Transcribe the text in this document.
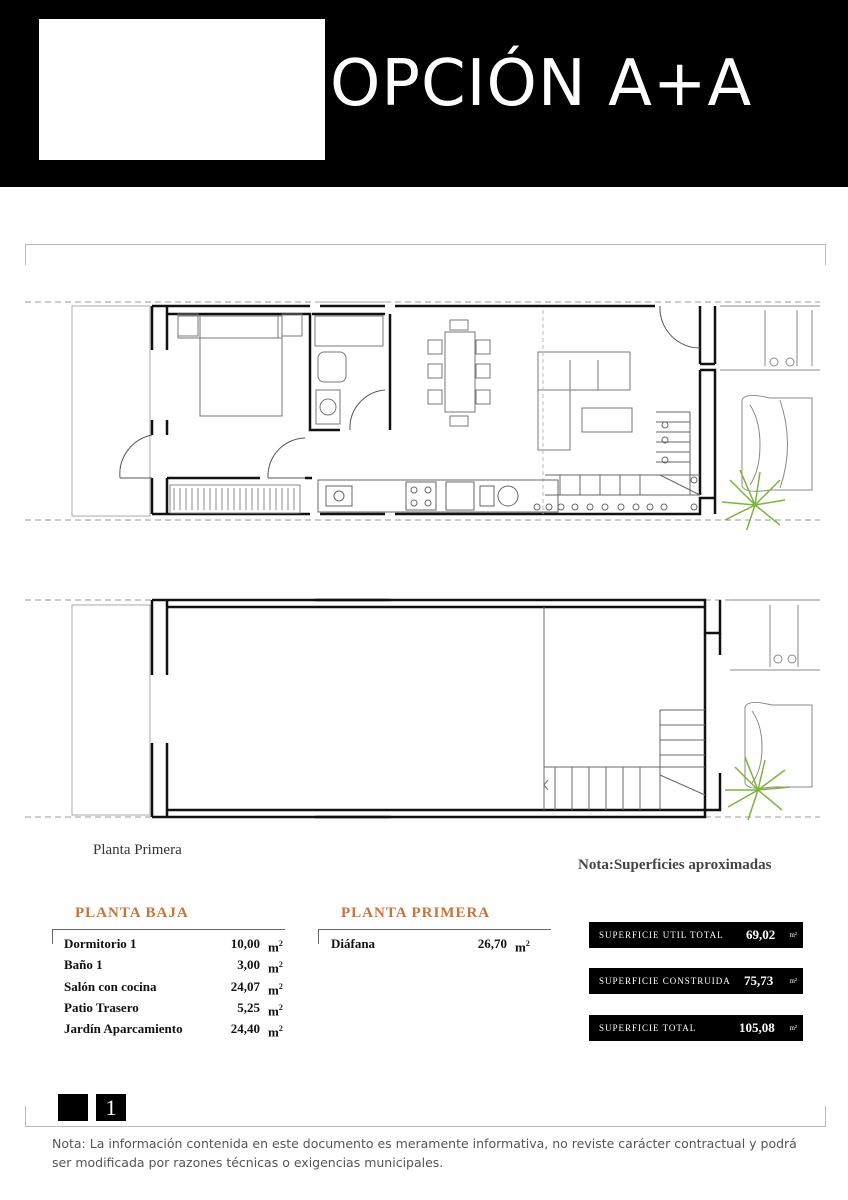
OPCIÓN A+A
Planta Primera
Nota:Superficies aproximadas
PLANTA BAJA
Dormitorio 1	10,00 $m^2$
Baño 1	3,00 $m^2$
Salón con cocina	24,07 $m^2$
Patio Trasero	5,25 $m^2$
Jardín Aparcamiento	24,40 $m^2$
PLANTA PRIMERA
Diáfana	26,70 $m^2$
SUPERFICIE UTIL TOTAL 69,02 m²
SUPERFICIE CONSTRUIDA 75,73 m²
SUPERFICIE TOTAL	105,08 m²
1
Nota: La información contenida en este documento es meramente informativa, no reviste carácter contractual y podrá ser modificada por razones técnicas o exigencias municipales.
